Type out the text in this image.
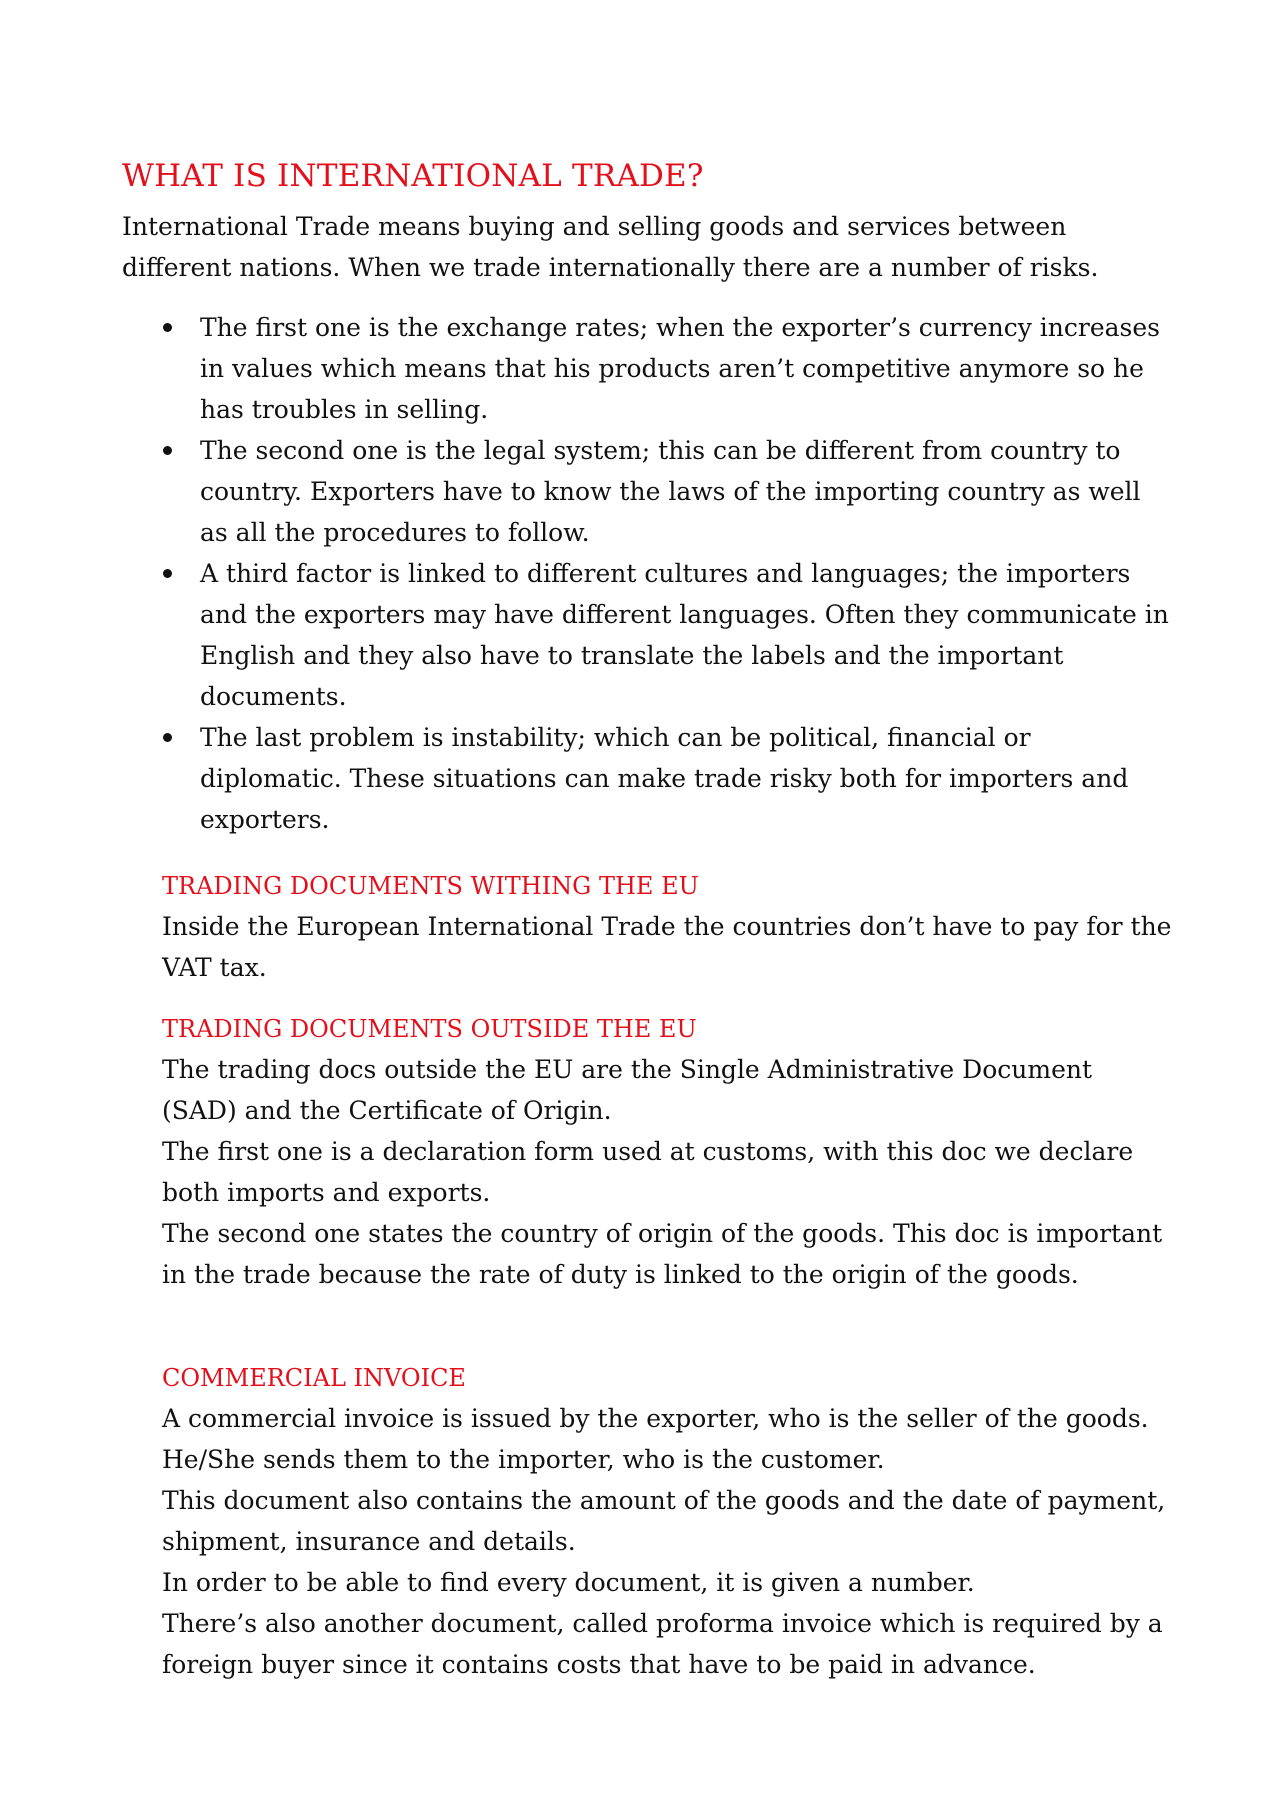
WHAT IS INTERNATIONAL TRADE?

International Trade means buying and selling goods and services between different nations. When we trade internationally there are a number of risks.

The first one is the exchange rates; when the exporter’s currency increases in values which means that his products aren’t competitive anymore so he has troubles in selling.
The second one is the legal system; this can be different from country to country. Exporters have to know the laws of the importing country as well as all the procedures to follow.
A third factor is linked to different cultures and languages; the importers and the exporters may have different languages. Often they communicate in English and they also have to translate the labels and the important documents.
The last problem is instability; which can be political, financial or diplomatic. These situations can make trade risky both for importers and exporters.
TRADING DOCUMENTS WITHING THE EU

Inside the European International Trade the countries don’t have to pay for the VAT tax.

TRADING DOCUMENTS OUTSIDE THE EU

The trading docs outside the EU are the Single Administrative Document (SAD) and the Certificate of Origin.

The first one is a declaration form used at customs, with this doc we declare both imports and exports.

The second one states the country of origin of the goods. This doc is important in the trade because the rate of duty is linked to the origin of the goods.

COMMERCIAL INVOICE

A commercial invoice is issued by the exporter, who is the seller of the goods. He/She sends them to the importer, who is the customer.

This document also contains the amount of the goods and the date of payment, shipment, insurance and details.

In order to be able to find every document, it is given a number.

There’s also another document, called proforma invoice which is required by a foreign buyer since it contains costs that have to be paid in advance.
